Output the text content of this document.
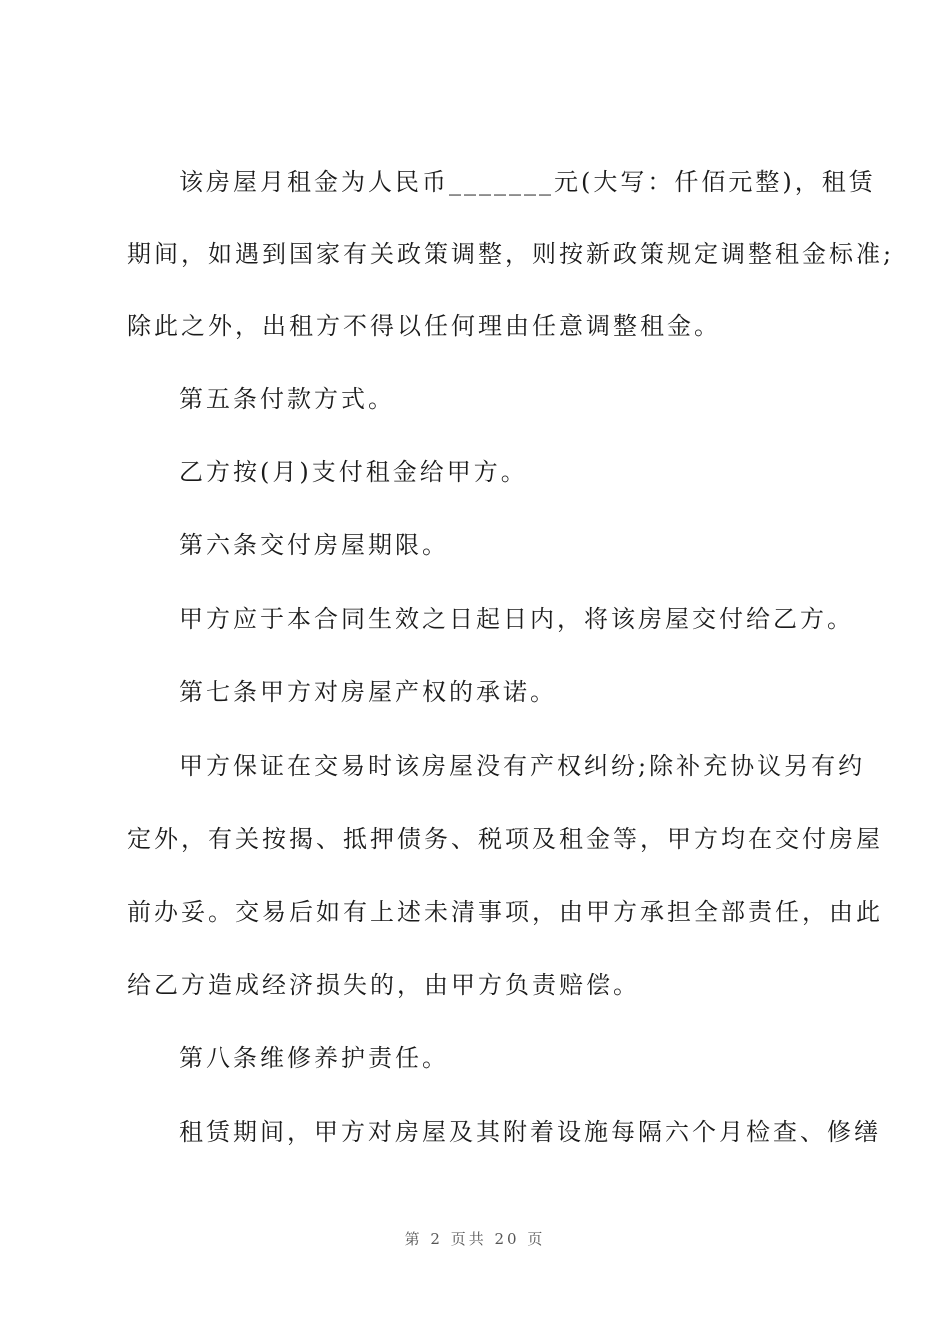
该房屋月租金为人民币_______元(大写：仟佰元整)，租赁
期间，如遇到国家有关政策调整，则按新政策规定调整租金标准;
除此之外，出租方不得以任何理由任意调整租金。
第五条付款方式。
乙方按(月)支付租金给甲方。
第六条交付房屋期限。
甲方应于本合同生效之日起日内，将该房屋交付给乙方。
第七条甲方对房屋产权的承诺。
甲方保证在交易时该房屋没有产权纠纷;除补充协议另有约
定外，有关按揭、抵押债务、税项及租金等，甲方均在交付房屋
前办妥。交易后如有上述未清事项，由甲方承担全部责任，由此
给乙方造成经济损失的，由甲方负责赔偿。
第八条维修养护责任。
租赁期间，甲方对房屋及其附着设施每隔六个月检查、修缮
第 2 页共 20 页
